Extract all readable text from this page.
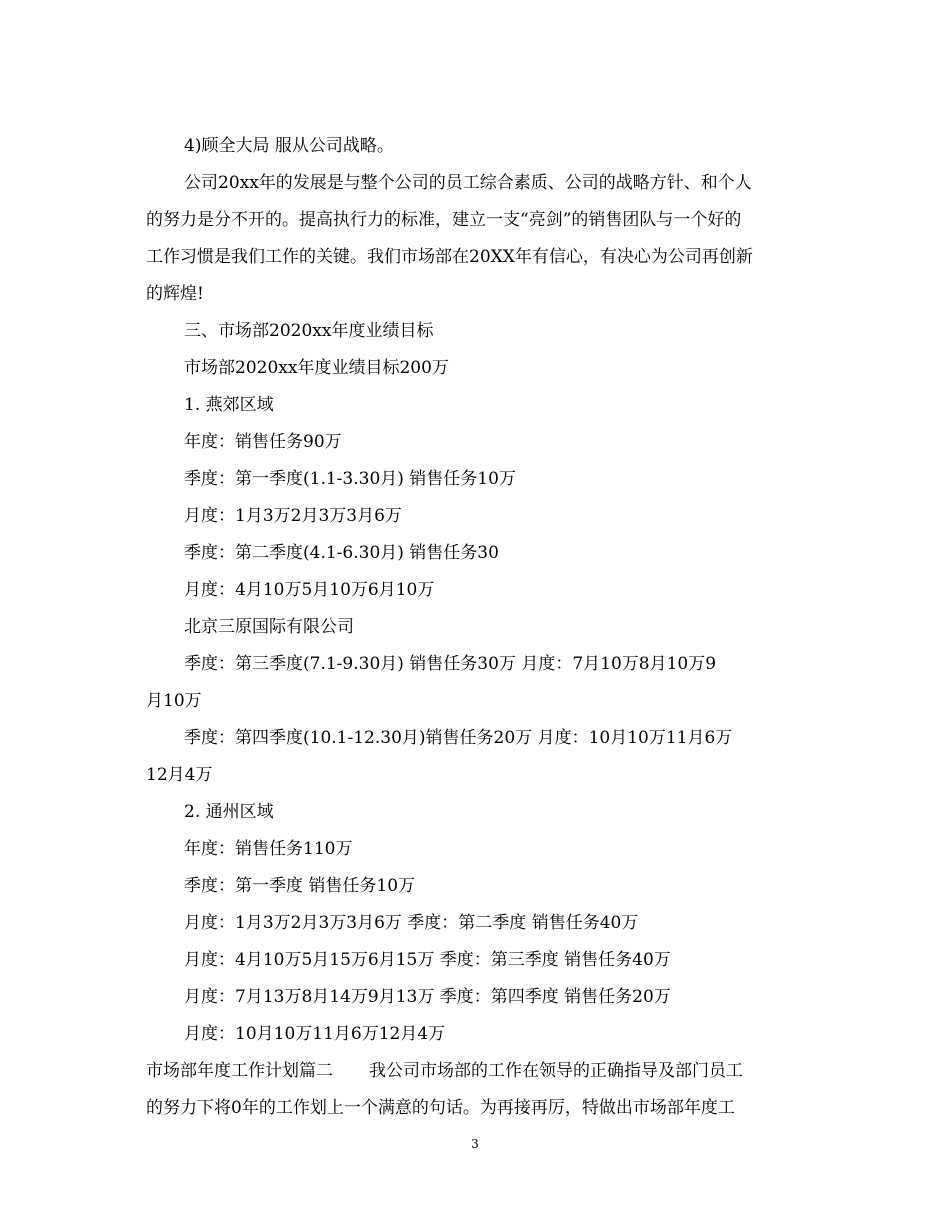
4)顾全大局 服从公司战略。
公司20xx年的发展是与整个公司的员工综合素质、公司的战略方针、和个人
的努力是分不开的。提高执行力的标准，建立一支“亮剑”的销售团队与一个好的
工作习惯是我们工作的关键。我们市场部在20XX年有信心，有决心为公司再创新
的辉煌!
三、市场部2020xx年度业绩目标
市场部2020xx年度业绩目标200万
1. 燕郊区域
年度：销售任务90万
季度：第一季度(1.1-3.30月) 销售任务10万
月度：1月3万2月3万3月6万
季度：第二季度(4.1-6.30月) 销售任务30
月度：4月10万5月10万6月10万
北京三原国际有限公司
季度：第三季度(7.1-9.30月) 销售任务30万 月度：7月10万8月10万9
月10万
季度：第四季度(10.1-12.30月)销售任务20万 月度：10月10万11月6万
12月4万
2. 通州区域
年度：销售任务110万
季度：第一季度 销售任务10万
月度：1月3万2月3万3月6万 季度：第二季度 销售任务40万
月度：4月10万5月15万6月15万 季度：第三季度 销售任务40万
月度：7月13万8月14万9月13万 季度：第四季度 销售任务20万
月度：10月10万11月6万12月4万
市场部年度工作计划篇二 我公司市场部的工作在领导的正确指导及部门员工
的努力下将0年的工作划上一个满意的句话。为再接再厉，特做出市场部年度工
3
